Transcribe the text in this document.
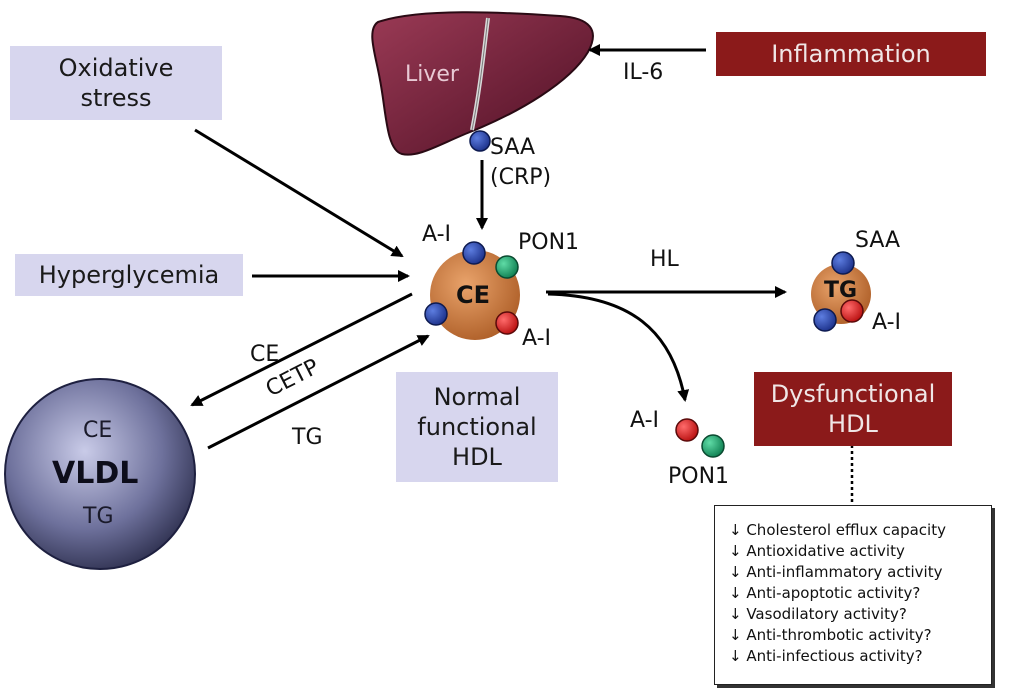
Oxidative
stress
Hyperglycemia
Inflammation
Normal
functional
HDL
Dysfunctional
HDL
Liver	IL-6
SAA
(CRP)
A-I	PON1
CE
A-I
HL
SAA
TG
A-I
A-I
PON1
CE
CETP
TG
CE
VLDL
TG
↓ Cholesterol efflux capacity
↓ Antioxidative activity
↓ Anti-inflammatory activity
↓ Anti-apoptotic activity?
↓ Vasodilatory activity?
↓ Anti-thrombotic activity?
↓ Anti-infectious activity?
